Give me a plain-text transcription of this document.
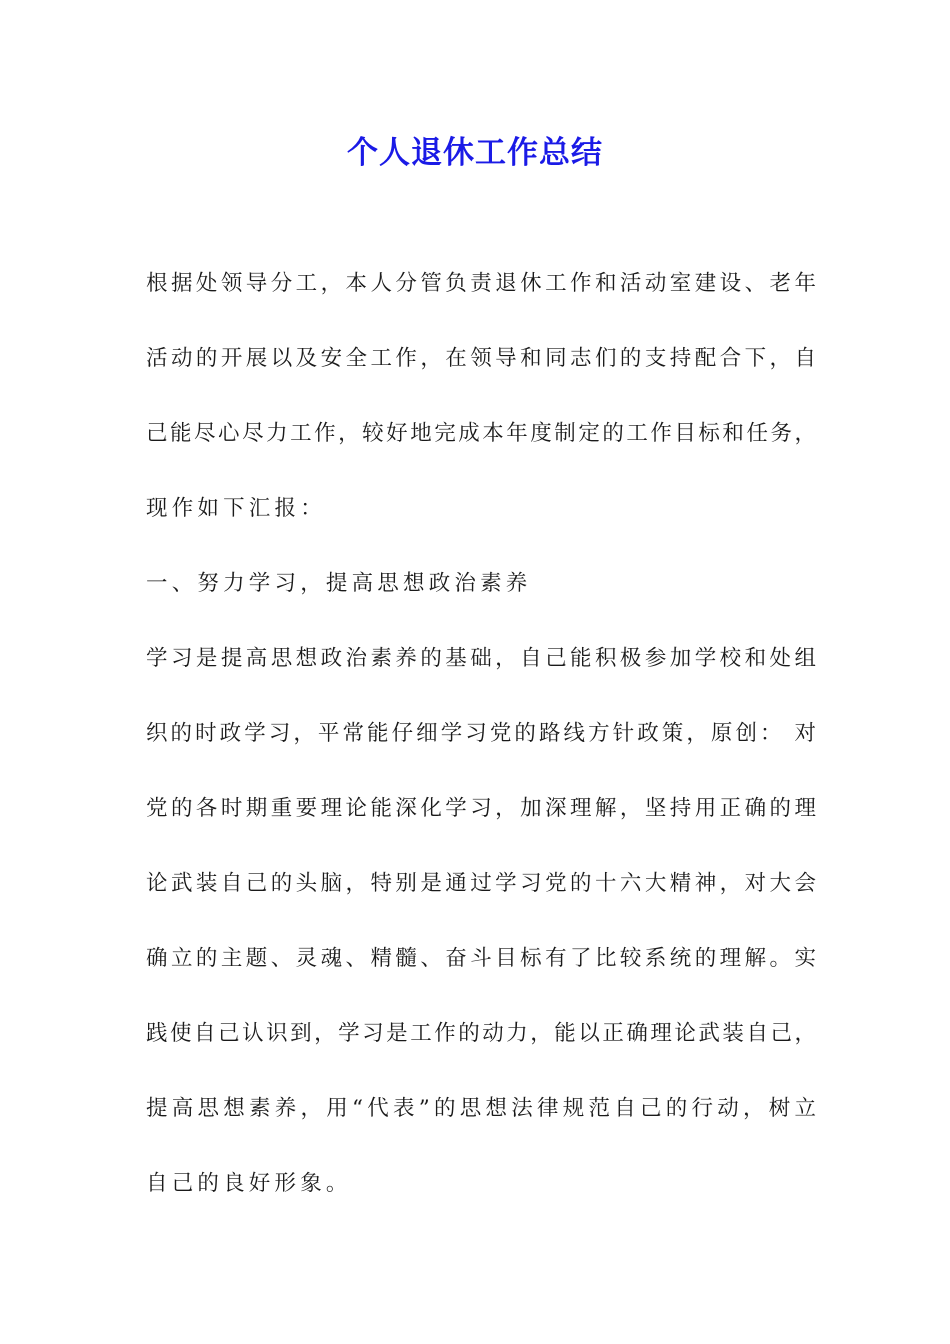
个人退休工作总结
根据处领导分工，本人分管负责退休工作和活动室建设、老年
活动的开展以及安全工作，在领导和同志们的支持配合下，自
己能尽心尽力工作，较好地完成本年度制定的工作目标和任务，
现作如下汇报：
一、努力学习，提高思想政治素养
学习是提高思想政治素养的基础，自己能积极参加学校和处组
织的时政学习，平常能仔细学习党的路线方针政策，原创： 对
党的各时期重要理论能深化学习，加深理解，坚持用正确的理
论武装自己的头脑，特别是通过学习党的十六大精神，对大会
确立的主题、灵魂、精髓、奋斗目标有了比较系统的理解。实
践使自己认识到，学习是工作的动力，能以正确理论武装自己，
提高思想素养，用“代表”的思想法律规范自己的行动，树立
自己的良好形象。
